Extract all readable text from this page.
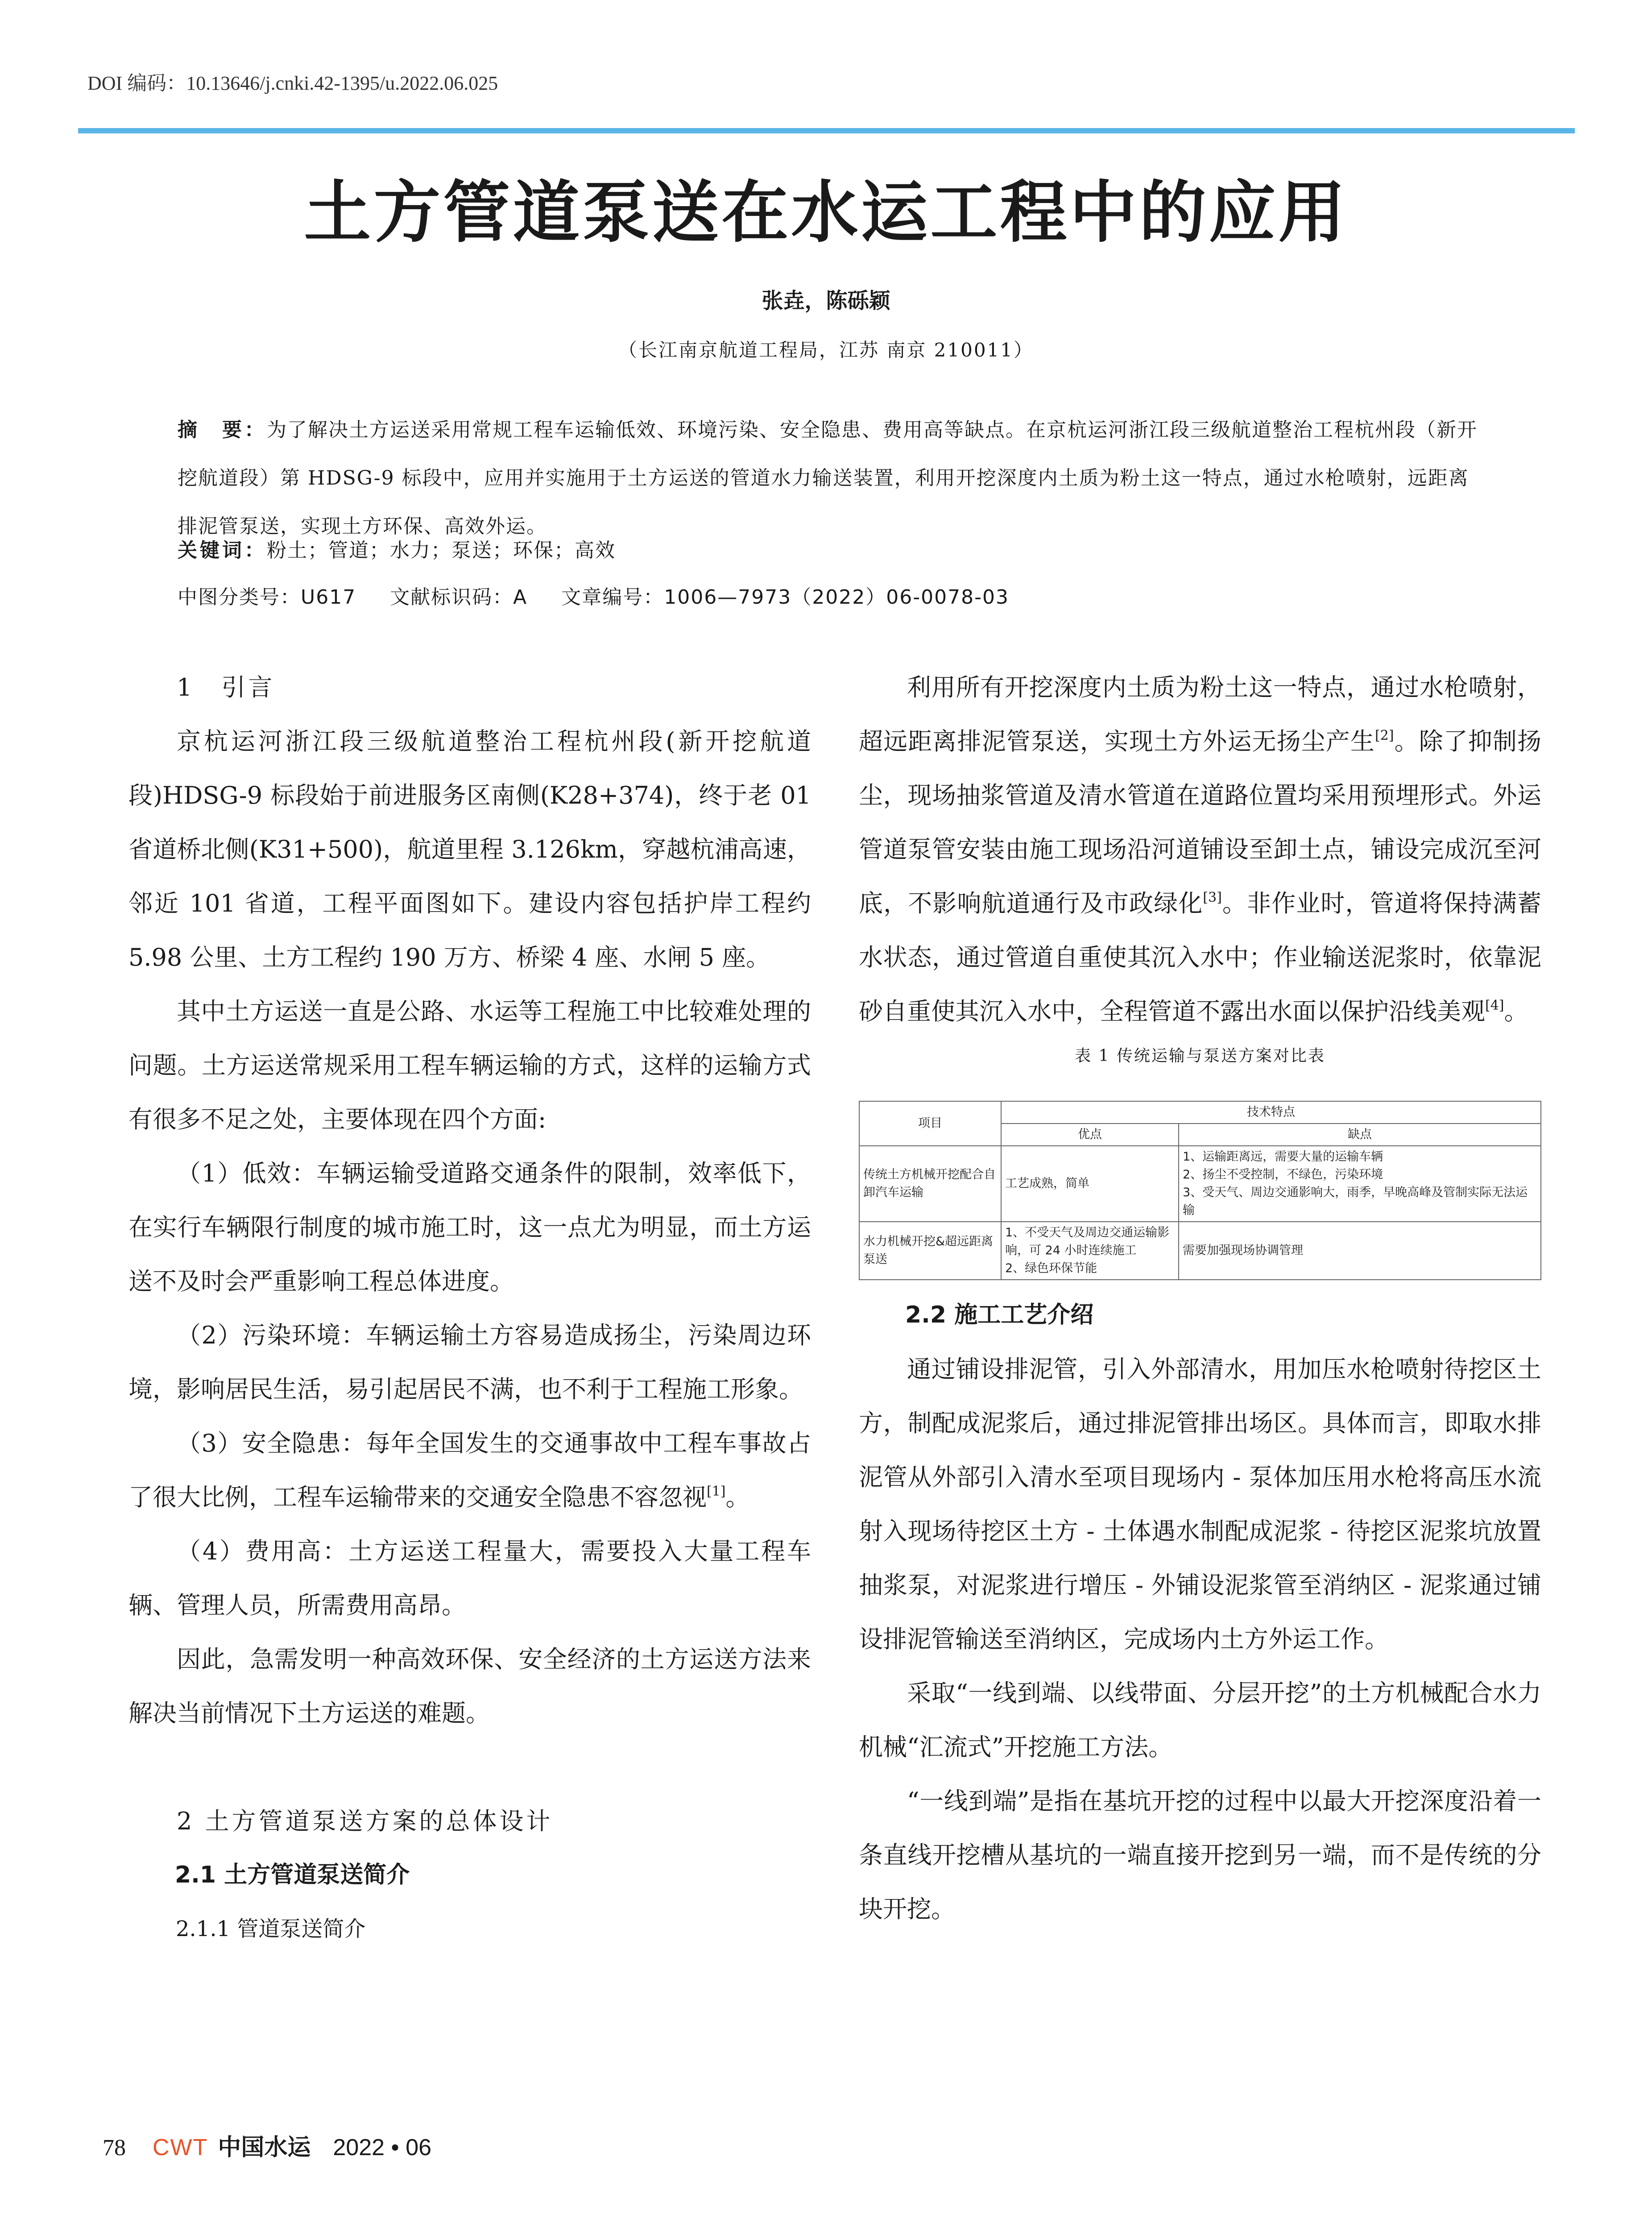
DOI 编码：10.13646/j.cnki.42-1395/u.2022.06.025
土方管道泵送在水运工程中的应用
张垚，陈砾颖
（长江南京航道工程局，江苏 南京 210011）
摘　要：为了解决土方运送采用常规工程车运输低效、环境污染、安全隐患、费用高等缺点。在京杭运河浙江段三级航道整治工程杭州段（新开挖航道段）第 HDSG-9 标段中，应用并实施用于土方运送的管道水力输送装置，利用开挖深度内土质为粉土这一特点，通过水枪喷射，远距离排泥管泵送，实现土方环保、高效外运。
关键词：粉土；管道；水力；泵送；环保；高效
中图分类号：U617 文献标识码：A 文章编号：1006—7973（2022）06-0078-03

1　引言

京杭运河浙江段三级航道整治工程杭州段(新开挖航道段)HDSG-9 标段始于前进服务区南侧(K28+374)，终于老 01 省道桥北侧(K31+500)，航道里程 3.126km，穿越杭浦高速，邻近 101 省道，工程平面图如下。建设内容包括护岸工程约 5.98 公里、土方工程约 190 万方、桥梁 4 座、水闸 5 座。

其中土方运送一直是公路、水运等工程施工中比较难处理的问题。土方运送常规采用工程车辆运输的方式，这样的运输方式有很多不足之处，主要体现在四个方面:

（1）低效：车辆运输受道路交通条件的限制，效率低下，在实行车辆限行制度的城市施工时，这一点尤为明显，而土方运送不及时会严重影响工程总体进度。

（2）污染环境：车辆运输土方容易造成扬尘，污染周边环境，影响居民生活，易引起居民不满，也不利于工程施工形象。

（3）安全隐患：每年全国发生的交通事故中工程车事故占了很大比例，工程车运输带来的交通安全隐患不容忽视[1]。

（4）费用高：土方运送工程量大，需要投入大量工程车辆、管理人员，所需费用高昂。

因此，急需发明一种高效环保、安全经济的土方运送方法来解决当前情况下土方运送的难题。

2 土方管道泵送方案的总体设计

2.1 土方管道泵送简介

2.1.1 管道泵送简介

利用所有开挖深度内土质为粉土这一特点，通过水枪喷射，超远距离排泥管泵送，实现土方外运无扬尘产生[2]。除了抑制扬尘，现场抽浆管道及清水管道在道路位置均采用预埋形式。外运管道泵管安装由施工现场沿河道铺设至卸土点，铺设完成沉至河底，不影响航道通行及市政绿化[3]。非作业时，管道将保持满蓄水状态，通过管道自重使其沉入水中；作业输送泥浆时，依靠泥砂自重使其沉入水中，全程管道不露出水面以保护沿线美观[4]。

表 1 传统运输与泵送方案对比表
项目	技术特点	
	优点	缺点
传统土方机械开挖配合自卸汽车运输	工艺成熟，简单	1、运输距离远，需要大量的运输车辆
2、扬尘不受控制，不绿色，污染环境
3、受天气、周边交通影响大，雨季，早晚高峰及管制实际无法运输

水力机械开挖&超远距离泵送	1、不受天气及周边交通运输影响，可 24 小时连续施工
2、绿色环保节能	需要加强现场协调管理

2.2 施工工艺介绍

通过铺设排泥管，引入外部清水，用加压水枪喷射待挖区土方，制配成泥浆后，通过排泥管排出场区。具体而言，即取水排泥管从外部引入清水至项目现场内 - 泵体加压用水枪将高压水流射入现场待挖区土方 - 土体遇水制配成泥浆 - 待挖区泥浆坑放置抽浆泵，对泥浆进行增压 - 外铺设泥浆管至消纳区 - 泥浆通过铺设排泥管输送至消纳区，完成场内土方外运工作。

采取“一线到端、以线带面、分层开挖”的土方机械配合水力机械“汇流式”开挖施工方法。

“一线到端”是指在基坑开挖的过程中以最大开挖深度沿着一条直线开挖槽从基坑的一端直接开挖到另一端，而不是传统的分块开挖。

78 CWT 中国水运 2022 • 06
